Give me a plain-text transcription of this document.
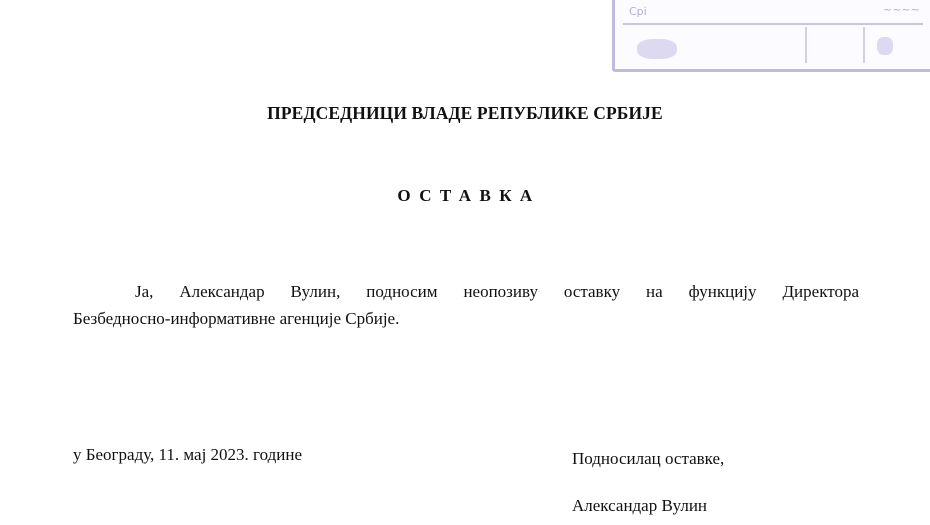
Срі	~~~~
ПРЕДСЕДНИЦИ ВЛАДЕ РЕПУБЛИКЕ СРБИЈЕ
ОСТАВКА
Ја, Александар Вулин, подносим неопозиву оставку на функцију Директора
Безбедносно-информативне агенције Србије.
у Београду, 11. мај 2023. године	Подносилац оставке,
Александар Вулин
